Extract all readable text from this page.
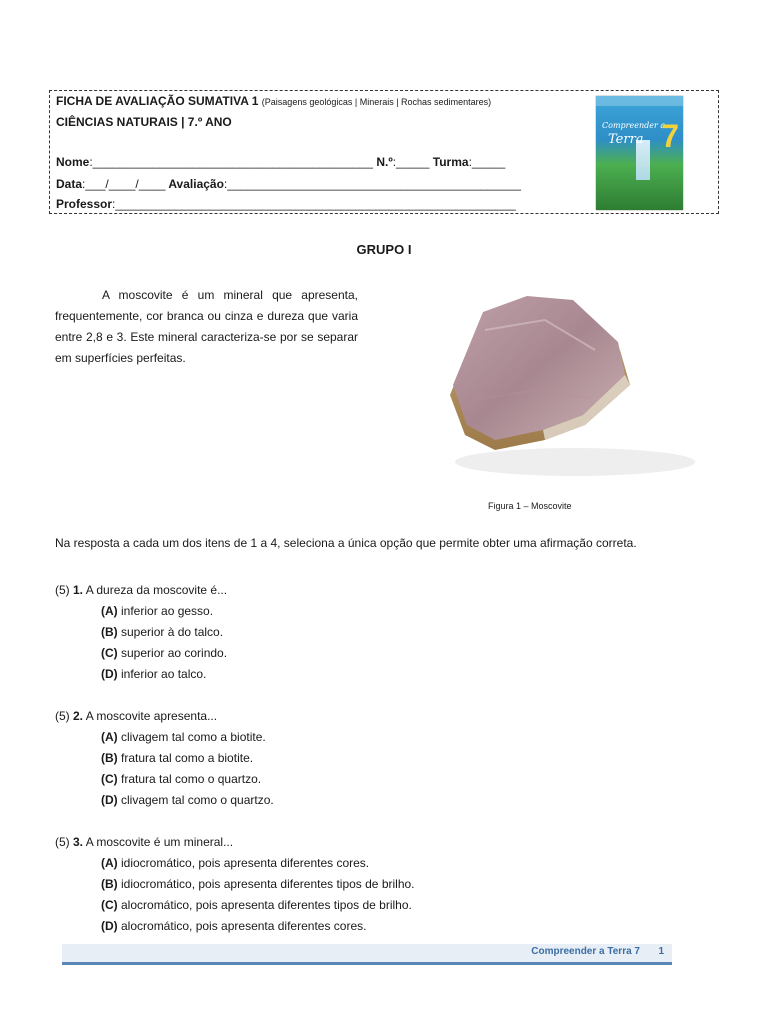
FICHA DE AVALIAÇÃO SUMATIVA 1 (Paisagens geológicas | Minerais | Rochas sedimentares)
CIÊNCIAS NATURAIS | 7.º ANO
Nome:__________________________________________ N.º:_____ Turma:_____
Data:___/____/____ Avaliação:____________________________________________
Professor:____________________________________________________________
Compreender a
Terra 7
GRUPO I
A moscovite é um mineral que apresenta, frequentemente, cor branca ou cinza e dureza que varia entre 2,8 e 3. Este mineral caracteriza-se por se separar em superfícies perfeitas.
Figura 1 – Moscovite
Na resposta a cada um dos itens de 1 a 4, seleciona a única opção que permite obter uma afirmação correta.
(5) 1. A dureza da moscovite é...
(A) inferior ao gesso.
(B) superior à do talco.
(C) superior ao corindo.
(D) inferior ao talco.
(5) 2. A moscovite apresenta...
(A) clivagem tal como a biotite.
(B) fratura tal como a biotite.
(C) fratura tal como o quartzo.
(D) clivagem tal como o quartzo.
(5) 3. A moscovite é um mineral...
(A) idiocromático, pois apresenta diferentes cores.
(B) idiocromático, pois apresenta diferentes tipos de brilho.
(C) alocromático, pois apresenta diferentes tipos de brilho.
(D) alocromático, pois apresenta diferentes cores.
Compreender a Terra 7 1
